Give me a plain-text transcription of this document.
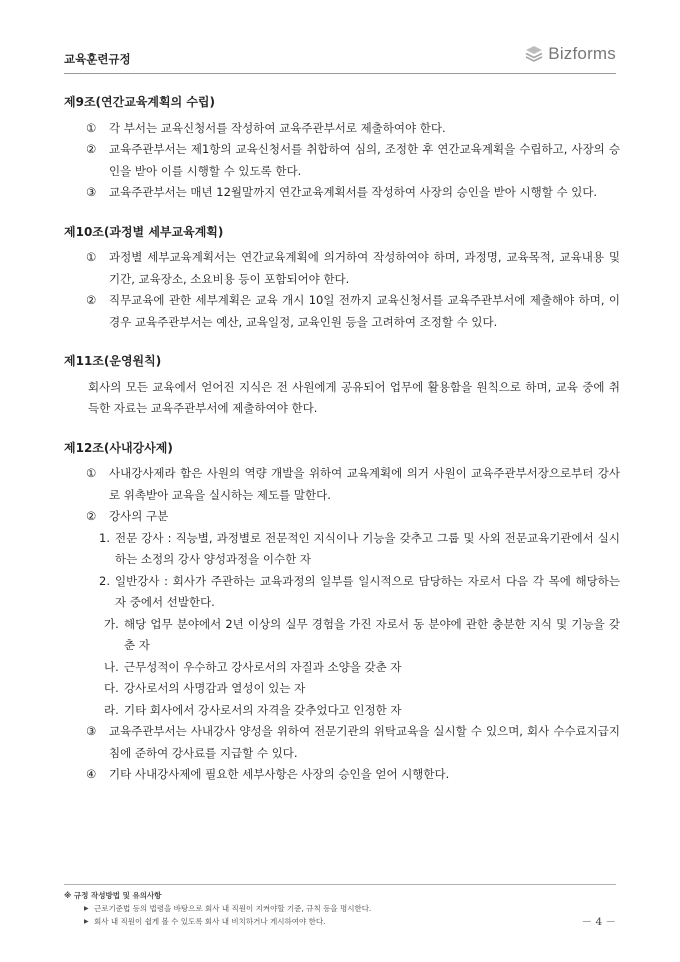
교육훈련규정	Bizforms
제9조(연간교육계획의 수립)
①	각 부서는 교육신청서를 작성하여 교육주관부서로 제출하여야 한다.
②	교육주관부서는 제1항의 교육신청서를 취합하여 심의, 조정한 후 연간교육계획을 수립하고, 사장의 승인을 받아 이를 시행할 수 있도록 한다.
③	교육주관부서는 매년 12월말까지 연간교육계획서를 작성하여 사장의 승인을 받아 시행할 수 있다.
제10조(과정별 세부교육계획)
①	과정별 세부교육계획서는 연간교육계획에 의거하여 작성하여야 하며, 과정명, 교육목적, 교육내용 및 기간, 교육장소, 소요비용 등이 포함되어야 한다.
②	직무교육에 관한 세부계획은 교육 개시 10일 전까지 교육신청서를 교육주관부서에 제출해야 하며, 이 경우 교육주관부서는 예산, 교육일정, 교육인원 등을 고려하여 조정할 수 있다.
제11조(운영원칙)

회사의 모든 교육에서 얻어진 지식은 전 사원에게 공유되어 업무에 활용함을 원칙으로 하며, 교육 중에 취득한 자료는 교육주관부서에 제출하여야 한다.

제12조(사내강사제)
①	사내강사제라 함은 사원의 역량 개발을 위하여 교육계획에 의거 사원이 교육주관부서장으로부터 강사로 위촉받아 교육을 실시하는 제도를 말한다.
②	강사의 구분
1. 전문 강사 : 직능별, 과정별로 전문적인 지식이나 기능을 갖추고 그룹 및 사외 전문교육기관에서 실시하는 소정의 강사 양성과정을 이수한 자
2. 일반강사 : 회사가 주관하는 교육과정의 일부를 일시적으로 담당하는 자로서 다음 각 목에 해당하는 자 중에서 선발한다.
가. 해당 업무 분야에서 2년 이상의 실무 경험을 가진 자로서 동 분야에 관한 충분한 지식 및 기능을 갖춘 자
나. 근무성적이 우수하고 강사로서의 자질과 소양을 갖춘 자
다. 강사로서의 사명감과 열성이 있는 자
라. 기타 회사에서 강사로서의 자격을 갖추었다고 인정한 자
③	교육주관부서는 사내강사 양성을 위하여 전문기관의 위탁교육을 실시할 수 있으며, 회사 수수료지급지침에 준하여 강사료를 지급할 수 있다.
④	기타 사내강사제에 필요한 세부사항은 사장의 승인을 얻어 시행한다.
※ 규정 작성방법 및 유의사항
▶ 근로기준법 등의 법령을 바탕으로 회사 내 직원이 지켜야할 기준, 규칙 등을 명시한다.
▶ 회사 내 직원이 쉽게 볼 수 있도록 회사 내 비치하거나 게시하여야 한다.	－ 4 －
